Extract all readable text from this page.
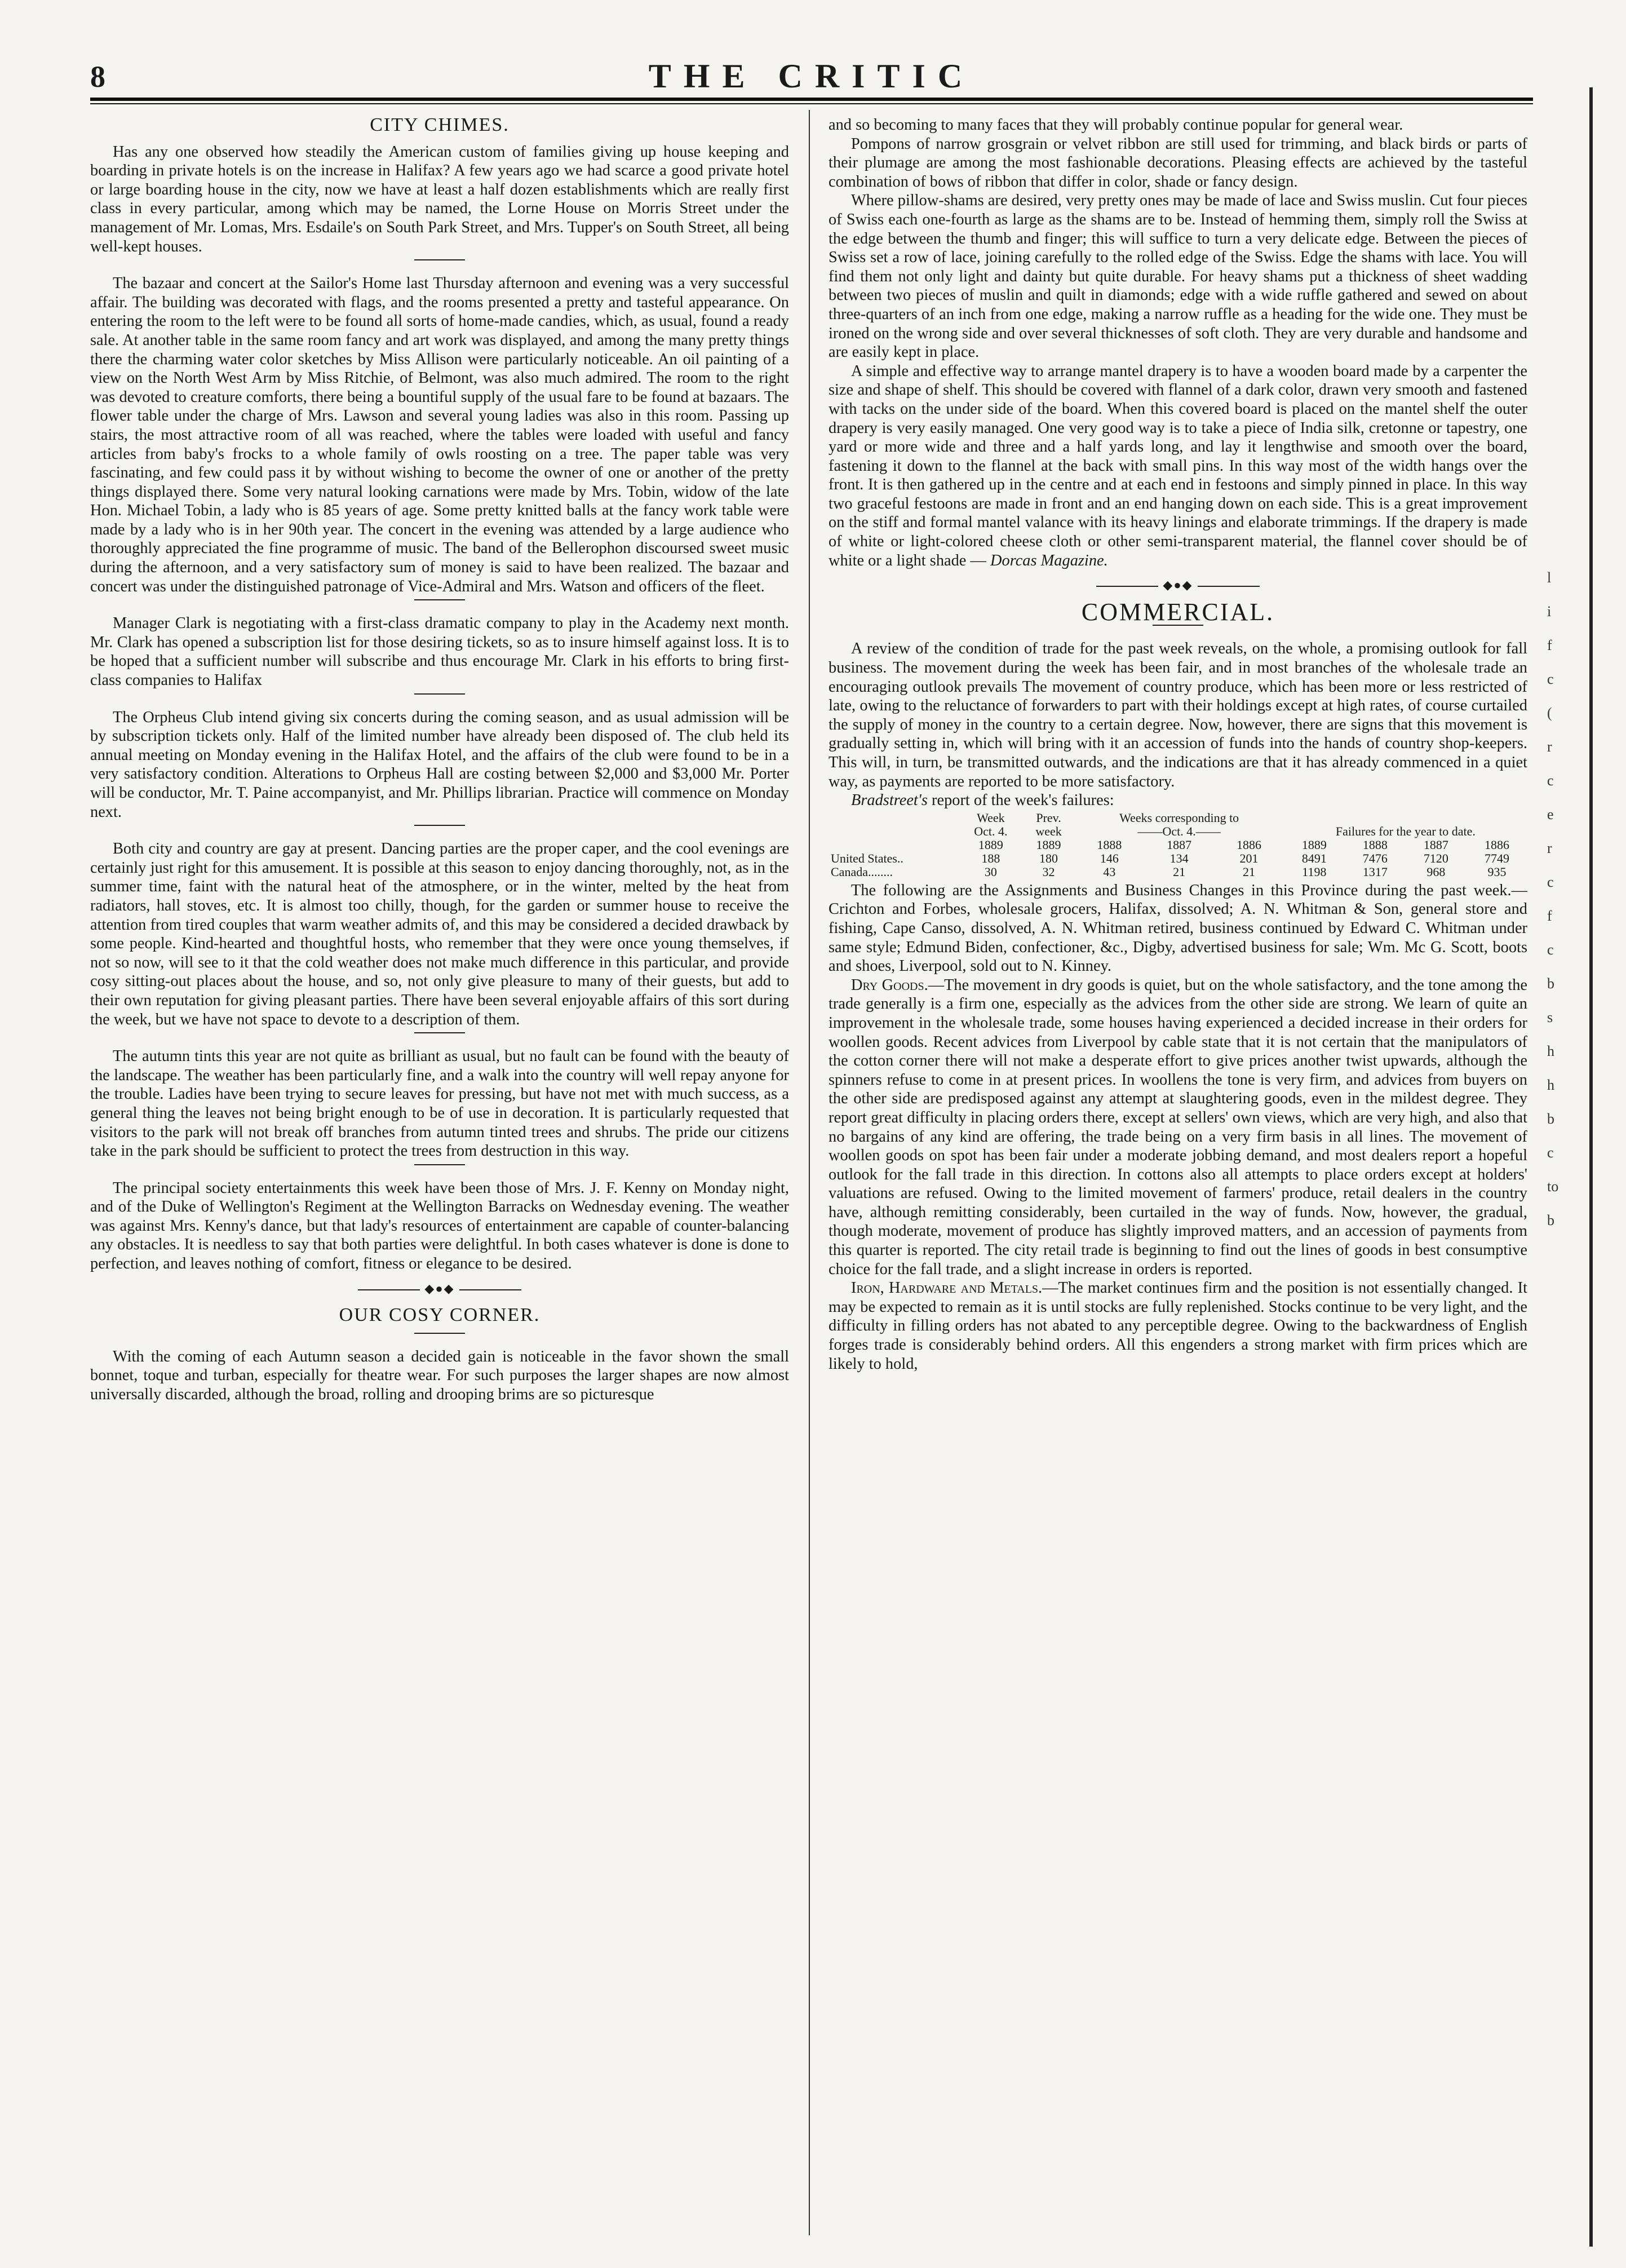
8	THE CRITIC
CITY CHIMES.

Has any one observed how steadily the American custom of families giving up house keeping and boarding in private hotels is on the increase in Halifax? A few years ago we had scarce a good private hotel or large boarding house in the city, now we have at least a half dozen establishments which are really first class in every particular, among which may be named, the Lorne House on Morris Street under the management of Mr. Lomas, Mrs. Esdaile's on South Park Street, and Mrs. Tupper's on South Street, all being well-kept houses.

The bazaar and concert at the Sailor's Home last Thursday afternoon and evening was a very successful affair. The building was decorated with flags, and the rooms presented a pretty and tasteful appearance. On entering the room to the left were to be found all sorts of home-made candies, which, as usual, found a ready sale. At another table in the same room fancy and art work was displayed, and among the many pretty things there the charming water color sketches by Miss Allison were particularly noticeable. An oil painting of a view on the North West Arm by Miss Ritchie, of Belmont, was also much admired. The room to the right was devoted to creature comforts, there being a bountiful supply of the usual fare to be found at bazaars. The flower table under the charge of Mrs. Lawson and several young ladies was also in this room. Passing up stairs, the most attractive room of all was reached, where the tables were loaded with useful and fancy articles from baby's frocks to a whole family of owls roosting on a tree. The paper table was very fascinating, and few could pass it by without wishing to become the owner of one or another of the pretty things displayed there. Some very natural looking carnations were made by Mrs. Tobin, widow of the late Hon. Michael Tobin, a lady who is 85 years of age. Some pretty knitted balls at the fancy work table were made by a lady who is in her 90th year. The concert in the evening was attended by a large audience who thoroughly appreciated the fine programme of music. The band of the Bellerophon discoursed sweet music during the afternoon, and a very satisfactory sum of money is said to have been realized. The bazaar and concert was under the distinguished patronage of Vice-Admiral and Mrs. Watson and officers of the fleet.

Manager Clark is negotiating with a first-class dramatic company to play in the Academy next month. Mr. Clark has opened a subscription list for those desiring tickets, so as to insure himself against loss. It is to be hoped that a sufficient number will subscribe and thus encourage Mr. Clark in his efforts to bring first-class companies to Halifax

The Orpheus Club intend giving six concerts during the coming season, and as usual admission will be by subscription tickets only. Half of the limited number have already been disposed of. The club held its annual meeting on Monday evening in the Halifax Hotel, and the affairs of the club were found to be in a very satisfactory condition. Alterations to Orpheus Hall are costing between $2,000 and $3,000 Mr. Porter will be conductor, Mr. T. Paine accompanyist, and Mr. Phillips librarian. Practice will commence on Monday next.

Both city and country are gay at present. Dancing parties are the proper caper, and the cool evenings are certainly just right for this amusement. It is possible at this season to enjoy dancing thoroughly, not, as in the summer time, faint with the natural heat of the atmosphere, or in the winter, melted by the heat from radiators, hall stoves, etc. It is almost too chilly, though, for the garden or summer house to receive the attention from tired couples that warm weather admits of, and this may be considered a decided drawback by some people. Kind-hearted and thoughtful hosts, who remember that they were once young themselves, if not so now, will see to it that the cold weather does not make much difference in this particular, and provide cosy sitting-out places about the house, and so, not only give pleasure to many of their guests, but add to their own reputation for giving pleasant parties. There have been several enjoyable affairs of this sort during the week, but we have not space to devote to a description of them.

The autumn tints this year are not quite as brilliant as usual, but no fault can be found with the beauty of the landscape. The weather has been particularly fine, and a walk into the country will well repay anyone for the trouble. Ladies have been trying to secure leaves for pressing, but have not met with much success, as a general thing the leaves not being bright enough to be of use in decoration. It is particularly requested that visitors to the park will not break off branches from autumn tinted trees and shrubs. The pride our citizens take in the park should be sufficient to protect the trees from destruction in this way.

The principal society entertainments this week have been those of Mrs. J. F. Kenny on Monday night, and of the Duke of Wellington's Regiment at the Wellington Barracks on Wednesday evening. The weather was against Mrs. Kenny's dance, but that lady's resources of entertainment are capable of counter-balancing any obstacles. It is needless to say that both parties were delightful. In both cases whatever is done is done to perfection, and leaves nothing of comfort, fitness or elegance to be desired.

◆●◆
OUR COSY CORNER.

With the coming of each Autumn season a decided gain is noticeable in the favor shown the small bonnet, toque and turban, especially for theatre wear. For such purposes the larger shapes are now almost universally discarded, although the broad, rolling and drooping brims are so picturesque

and so becoming to many faces that they will probably continue popular for general wear.

Pompons of narrow grosgrain or velvet ribbon are still used for trimming, and black birds or parts of their plumage are among the most fashionable decorations. Pleasing effects are achieved by the tasteful combination of bows of ribbon that differ in color, shade or fancy design.

Where pillow-shams are desired, very pretty ones may be made of lace and Swiss muslin. Cut four pieces of Swiss each one-fourth as large as the shams are to be. Instead of hemming them, simply roll the Swiss at the edge between the thumb and finger; this will suffice to turn a very delicate edge. Between the pieces of Swiss set a row of lace, joining carefully to the rolled edge of the Swiss. Edge the shams with lace. You will find them not only light and dainty but quite durable. For heavy shams put a thickness of sheet wadding between two pieces of muslin and quilt in diamonds; edge with a wide ruffle gathered and sewed on about three-quarters of an inch from one edge, making a narrow ruffle as a heading for the wide one. They must be ironed on the wrong side and over several thicknesses of soft cloth. They are very durable and handsome and are easily kept in place.

A simple and effective way to arrange mantel drapery is to have a wooden board made by a carpenter the size and shape of shelf. This should be covered with flannel of a dark color, drawn very smooth and fastened with tacks on the under side of the board. When this covered board is placed on the mantel shelf the outer drapery is very easily managed. One very good way is to take a piece of India silk, cretonne or tapestry, one yard or more wide and three and a half yards long, and lay it lengthwise and smooth over the board, fastening it down to the flannel at the back with small pins. In this way most of the width hangs over the front. It is then gathered up in the centre and at each end in festoons and simply pinned in place. In this way two graceful festoons are made in front and an end hanging down on each side. This is a great improvement on the stiff and formal mantel valance with its heavy linings and elaborate trimmings. If the drapery is made of white or light-colored cheese cloth or other semi-transparent material, the flannel cover should be of white or a light shade — Dorcas Magazine.

◆●◆
COMMERCIAL.

A review of the condition of trade for the past week reveals, on the whole, a promising outlook for fall business. The movement during the week has been fair, and in most branches of the wholesale trade an encouraging outlook prevails The movement of country produce, which has been more or less restricted of late, owing to the reluctance of forwarders to part with their holdings except at high rates, of course curtailed the supply of money in the country to a certain degree. Now, however, there are signs that this movement is gradually setting in, which will bring with it an accession of funds into the hands of country shop-keepers. This will, in turn, be transmitted outwards, and the indications are that it has already commenced in a quiet way, as payments are reported to be more satisfactory.

Bradstreet's report of the week's failures:

	Week	Prev.	Weeks corresponding to						
	Oct. 4.	week	——Oct. 4.——			Failures for the year to date.			
	1889	1889	1888	1887	1886	1889	1888	1887	1886
United States..	188	180	146	134	201	8491	7476	7120	7749
Canada........	30	32	43	21	21	1198	1317	968	935

The following are the Assignments and Business Changes in this Province during the past week.—Crichton and Forbes, wholesale grocers, Halifax, dissolved; A. N. Whitman & Son, general store and fishing, Cape Canso, dissolved, A. N. Whitman retired, business continued by Edward C. Whitman under same style; Edmund Biden, confectioner, &c., Digby, advertised business for sale; Wm. Mc G. Scott, boots and shoes, Liverpool, sold out to N. Kinney.

Dry Goods.—The movement in dry goods is quiet, but on the whole satisfactory, and the tone among the trade generally is a firm one, especially as the advices from the other side are strong. We learn of quite an improvement in the wholesale trade, some houses having experienced a decided increase in their orders for woollen goods. Recent advices from Liverpool by cable state that it is not certain that the manipulators of the cotton corner there will not make a desperate effort to give prices another twist upwards, although the spinners refuse to come in at present prices. In woollens the tone is very firm, and advices from buyers on the other side are predisposed against any attempt at slaughtering goods, even in the mildest degree. They report great difficulty in placing orders there, except at sellers' own views, which are very high, and also that no bargains of any kind are offering, the trade being on a very firm basis in all lines. The movement of woollen goods on spot has been fair under a moderate jobbing demand, and most dealers report a hopeful outlook for the fall trade in this direction. In cottons also all attempts to place orders except at holders' valuations are refused. Owing to the limited movement of farmers' produce, retail dealers in the country have, although remitting considerably, been curtailed in the way of funds. Now, however, the gradual, though moderate, movement of produce has slightly improved matters, and an accession of payments from this quarter is reported. The city retail trade is beginning to find out the lines of goods in best consumptive choice for the fall trade, and a slight increase in orders is reported.

Iron, Hardware and Metals.—The market continues firm and the position is not essentially changed. It may be expected to remain as it is until stocks are fully replenished. Stocks continue to be very light, and the difficulty in filling orders has not abated to any perceptible degree. Owing to the backwardness of English forges trade is considerably behind orders. All this engenders a strong market with firm prices which are likely to hold,

l
i
f
c
(
r
c
e
r
c
f
c
b
s
h
h
b
c
to
b
